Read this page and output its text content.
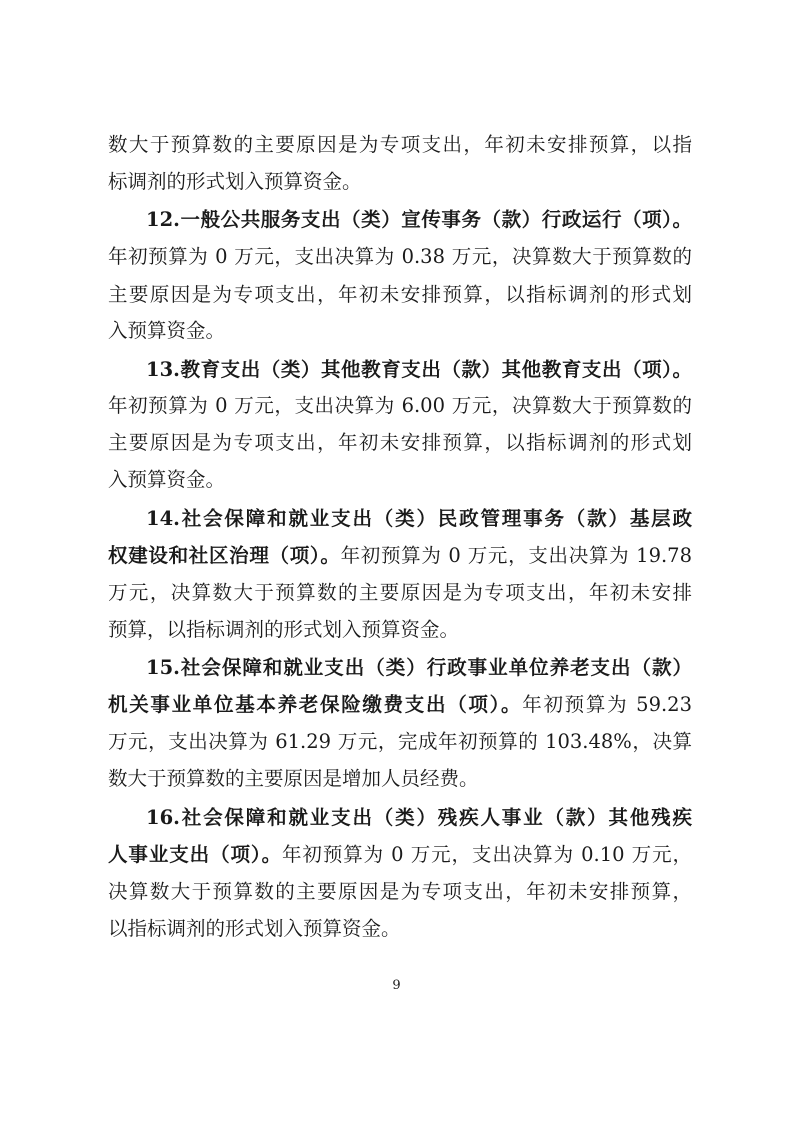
数大于预算数的主要原因是为专项支出，年初未安排预算，以指
标调剂的形式划入预算资金。
12.一般公共服务支出（类）宣传事务（款）行政运行（项）。
年初预算为 0 万元，支出决算为 0.38 万元，决算数大于预算数的
主要原因是为专项支出，年初未安排预算，以指标调剂的形式划
入预算资金。
13.教育支出（类）其他教育支出（款）其他教育支出（项）。
年初预算为 0 万元，支出决算为 6.00 万元，决算数大于预算数的
主要原因是为专项支出，年初未安排预算，以指标调剂的形式划
入预算资金。
14.社会保障和就业支出（类）民政管理事务（款）基层政
权建设和社区治理（项）。年初预算为 0 万元，支出决算为 19.78
万元，决算数大于预算数的主要原因是为专项支出，年初未安排
预算，以指标调剂的形式划入预算资金。
15.社会保障和就业支出（类）行政事业单位养老支出（款）
机关事业单位基本养老保险缴费支出（项）。年初预算为 59.23
万元，支出决算为 61.29 万元，完成年初预算的 103.48%，决算
数大于预算数的主要原因是增加人员经费。
16.社会保障和就业支出（类）残疾人事业（款）其他残疾
人事业支出（项）。年初预算为 0 万元，支出决算为 0.10 万元，
决算数大于预算数的主要原因是为专项支出，年初未安排预算，
以指标调剂的形式划入预算资金。
9
